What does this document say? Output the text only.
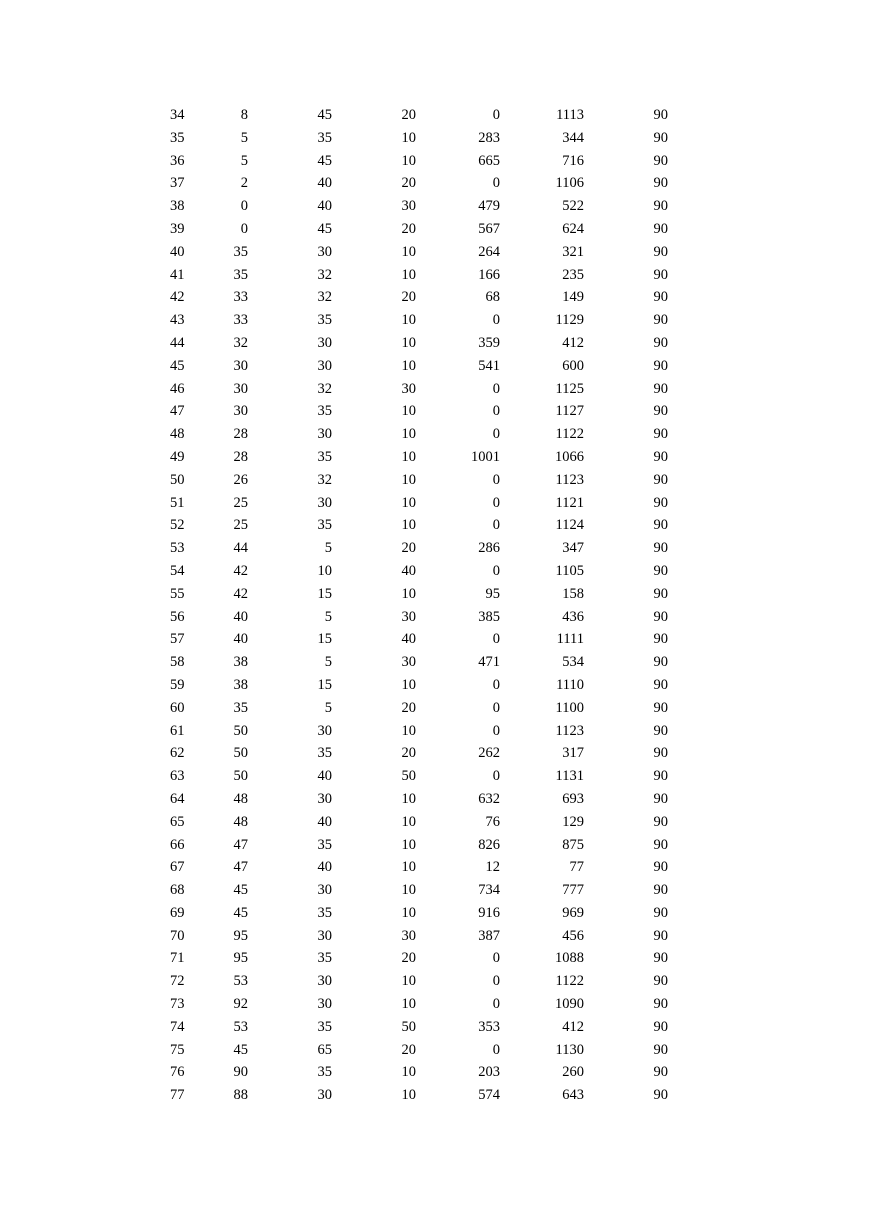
34	8	45	20	0	1113	90
35	5	35	10	283	344	90
36	5	45	10	665	716	90
37	2	40	20	0	1106	90
38	0	40	30	479	522	90
39	0	45	20	567	624	90
40	35	30	10	264	321	90
41	35	32	10	166	235	90
42	33	32	20	68	149	90
43	33	35	10	0	1129	90
44	32	30	10	359	412	90
45	30	30	10	541	600	90
46	30	32	30	0	1125	90
47	30	35	10	0	1127	90
48	28	30	10	0	1122	90
49	28	35	10	1001	1066	90
50	26	32	10	0	1123	90
51	25	30	10	0	1121	90
52	25	35	10	0	1124	90
53	44	5	20	286	347	90
54	42	10	40	0	1105	90
55	42	15	10	95	158	90
56	40	5	30	385	436	90
57	40	15	40	0	1111	90
58	38	5	30	471	534	90
59	38	15	10	0	1110	90
60	35	5	20	0	1100	90
61	50	30	10	0	1123	90
62	50	35	20	262	317	90
63	50	40	50	0	1131	90
64	48	30	10	632	693	90
65	48	40	10	76	129	90
66	47	35	10	826	875	90
67	47	40	10	12	77	90
68	45	30	10	734	777	90
69	45	35	10	916	969	90
70	95	30	30	387	456	90
71	95	35	20	0	1088	90
72	53	30	10	0	1122	90
73	92	30	10	0	1090	90
74	53	35	50	353	412	90
75	45	65	20	0	1130	90
76	90	35	10	203	260	90
77	88	30	10	574	643	90
